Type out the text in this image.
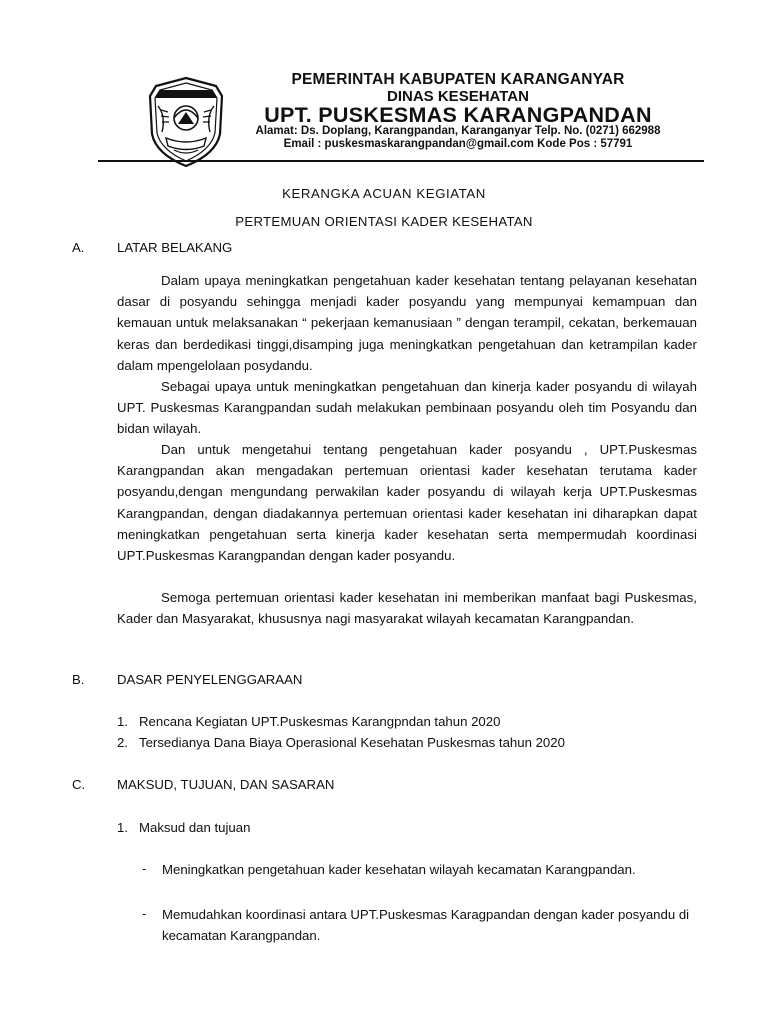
PEMERINTAH KABUPATEN KARANGANYAR

DINAS KESEHATAN

UPT. PUSKESMAS KARANGPANDAN

Alamat: Ds. Doplang, Karangpandan, Karanganyar Telp. No. (0271) 662988

Email : puskesmaskarangpandan@gmail.com Kode Pos : 57791

KERANGKA ACUAN KEGIATAN

PERTEMUAN ORIENTASI KADER KESEHATAN

A. LATAR BELAKANG

Dalam upaya meningkatkan pengetahuan kader kesehatan tentang pelayanan kesehatan dasar di posyandu sehingga menjadi kader posyandu yang mempunyai kemampuan dan kemauan untuk melaksanakan “ pekerjaan kemanusiaan ” dengan terampil, cekatan, berkemauan keras dan berdedikasi tinggi,disamping juga meningkatkan pengetahuan dan ketrampilan kader dalam mpengelolaan posydandu.

Sebagai upaya untuk meningkatkan pengetahuan dan kinerja kader posyandu di wilayah UPT. Puskesmas Karangpandan sudah melakukan pembinaan posyandu oleh tim Posyandu dan bidan wilayah.

Dan untuk mengetahui tentang pengetahuan kader posyandu , UPT.Puskesmas Karangpandan akan mengadakan pertemuan orientasi kader kesehatan terutama kader posyandu,dengan mengundang perwakilan kader posyandu di wilayah kerja UPT.Puskesmas Karangpandan, dengan diadakannya pertemuan orientasi kader kesehatan ini diharapkan dapat meningkatkan pengetahuan serta kinerja kader kesehatan serta mempermudah koordinasi UPT.Puskesmas Karangpandan dengan kader posyandu.

Semoga pertemuan orientasi kader kesehatan ini memberikan manfaat bagi Puskesmas, Kader dan Masyarakat, khususnya nagi masyarakat wilayah kecamatan Karangpandan.

B. DASAR PENYELENGGARAAN

1. Rencana Kegiatan UPT.Puskesmas Karangpndan tahun 2020

2. Tersedianya Dana Biaya Operasional Kesehatan Puskesmas tahun 2020

C. MAKSUD, TUJUAN, DAN SASARAN

1. Maksud dan tujuan

- Meningkatkan pengetahuan kader kesehatan wilayah kecamatan Karangpandan.

- Memudahkan koordinasi antara UPT.Puskesmas Karagpandan dengan kader posyandu di kecamatan Karangpandan.
